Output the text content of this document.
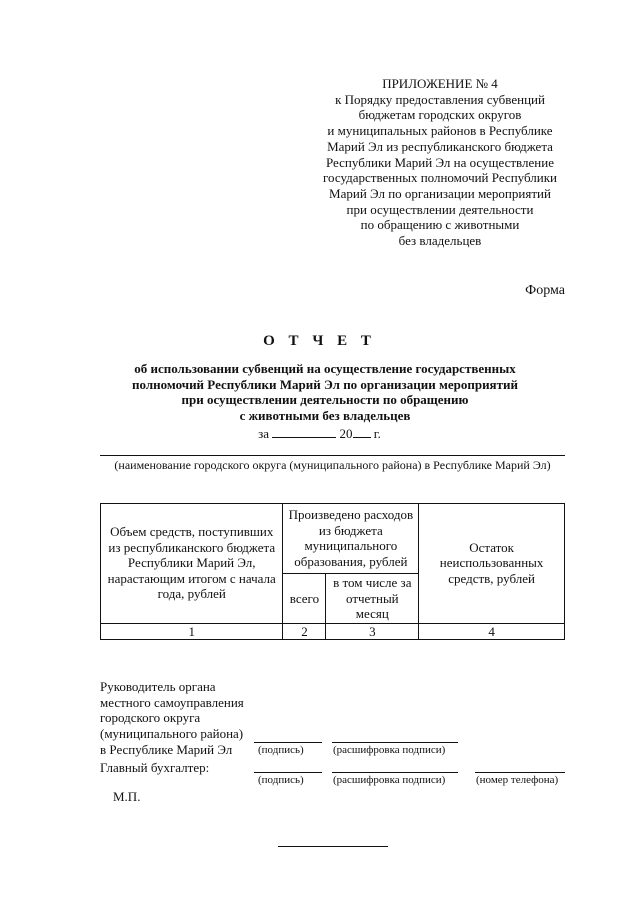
ПРИЛОЖЕНИЕ № 4
к Порядку предоставления субвенций
бюджетам городских округов
и муниципальных районов в Республике
Марий Эл из республиканского бюджета
Республики Марий Эл на осуществление
государственных полномочий Республики
Марий Эл по организации мероприятий
при осуществлении деятельности
по обращению с животными
без владельцев
Форма
О Т Ч Е Т
об использовании субвенций на осуществление государственных
полномочий Республики Марий Эл по организации мероприятий
при осуществлении деятельности по обращению
с животными без владельцев
за	20 г.
(наименование городского округа (муниципального района) в Республике Марий Эл)
Объем средств, поступивших из республиканского бюджета Республики Марий Эл, нарастающим итогом с начала года, рублей	Произведено расходов из бюджета муниципального образования, рублей		Остаток неиспользованных средств, рублей
	всего	в том числе за отчетный месяц	
1	2	3	4
Руководитель органа
местного самоуправления
городского округа
(муниципального района)
в Республике Марий Эл	(подпись)	(расшифровка подписи)
Главный бухгалтер:
(подпись)	(расшифровка подписи)	(номер телефона)
М.П.
